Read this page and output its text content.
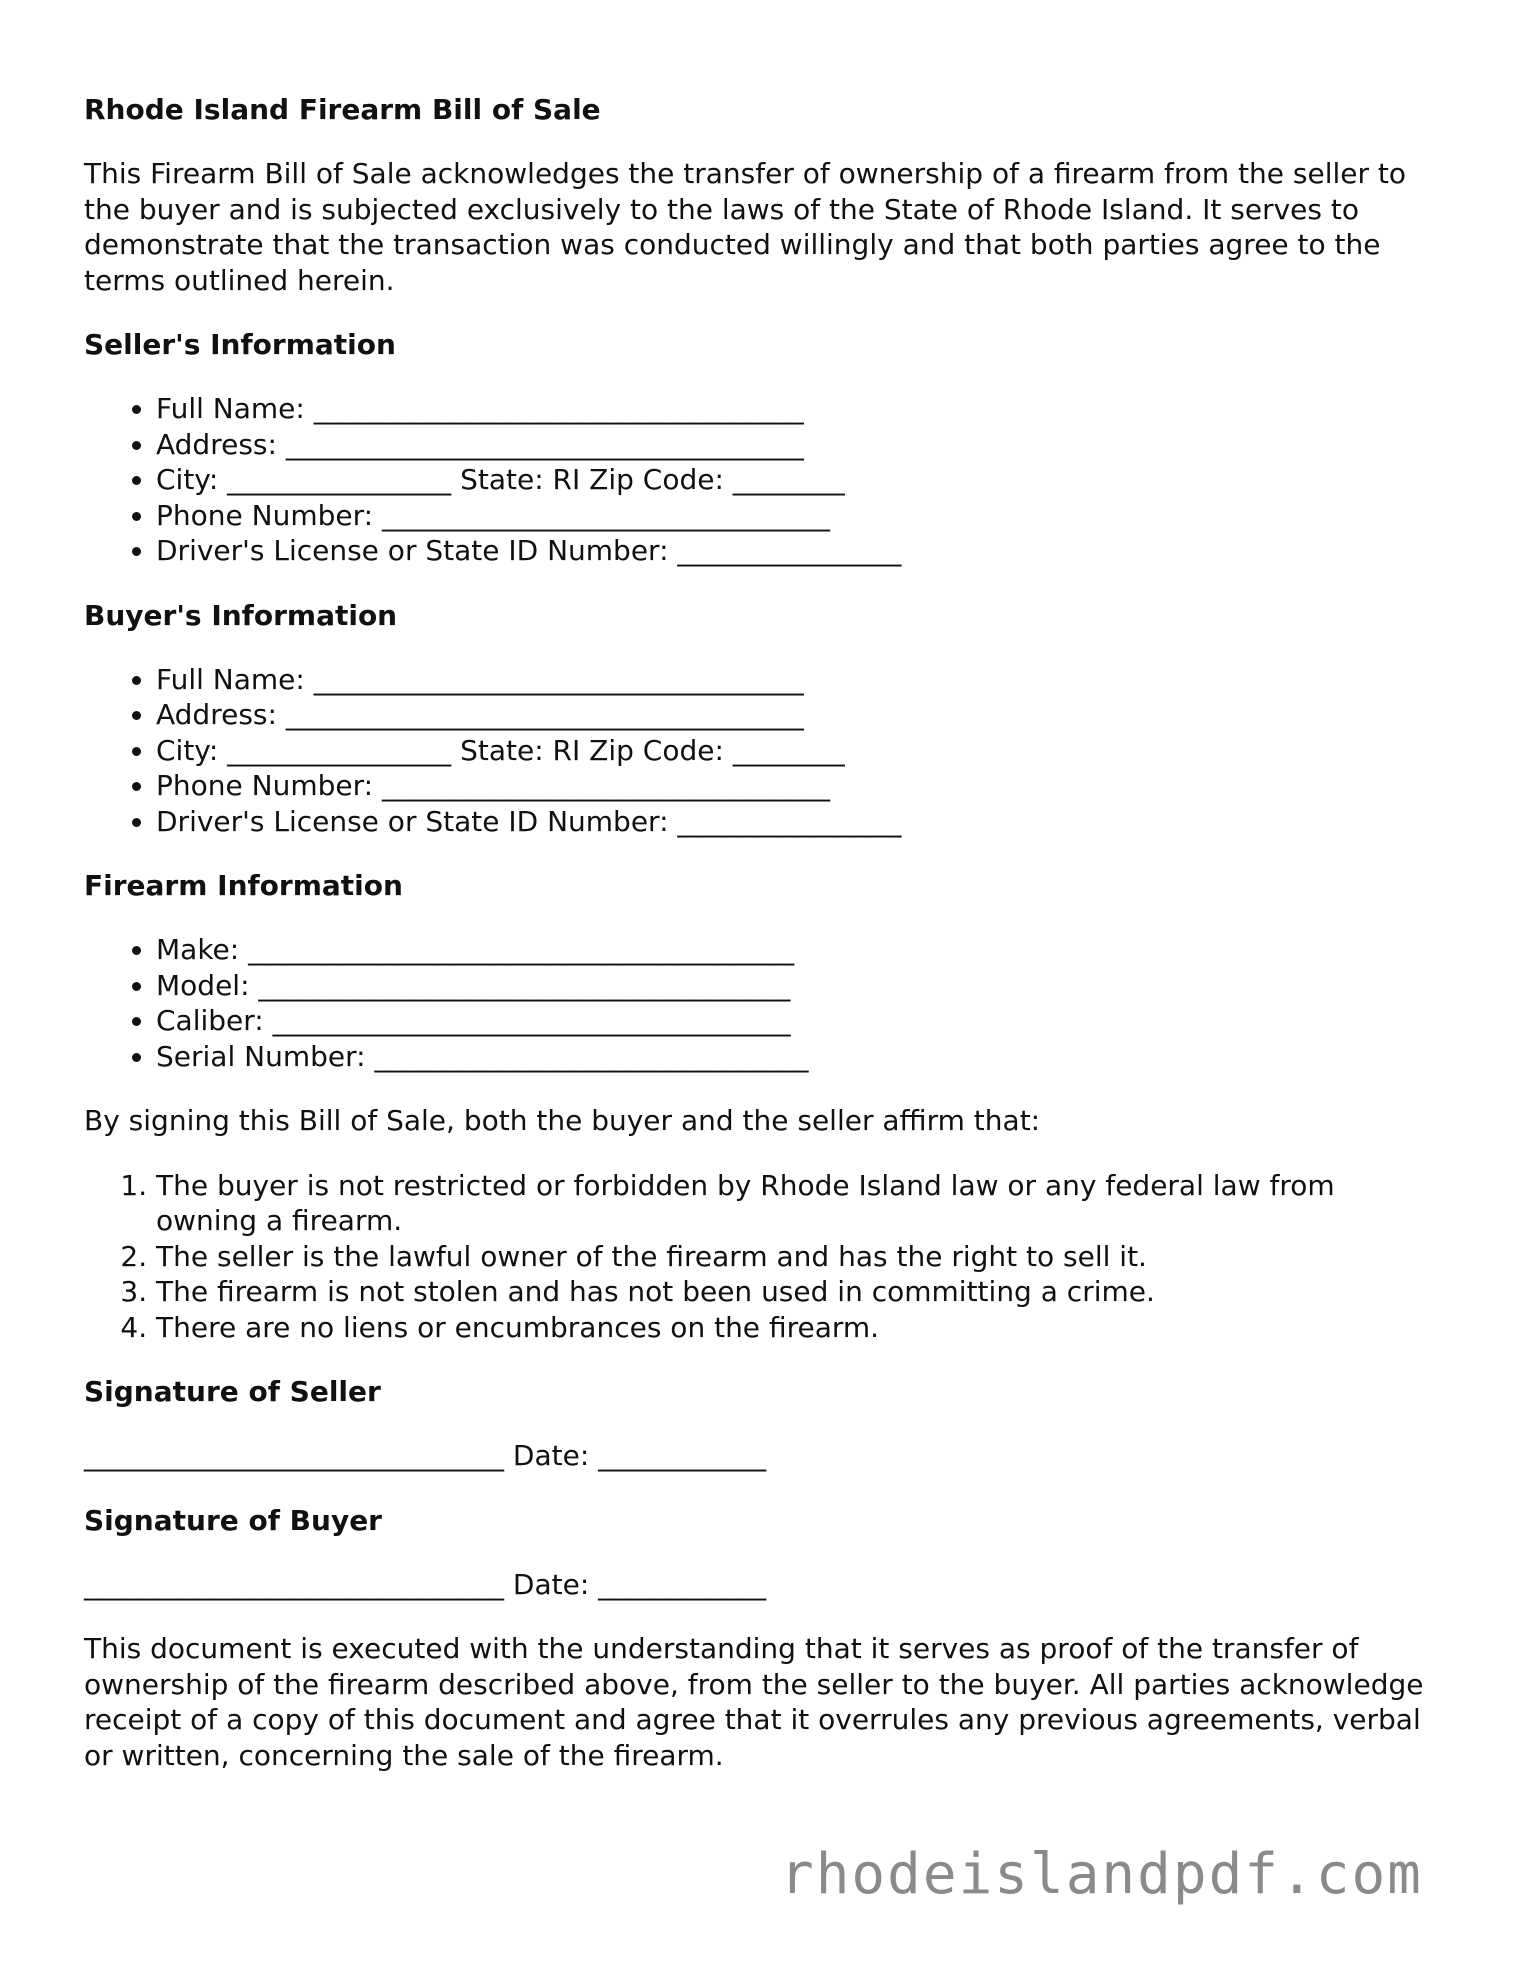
Rhode Island Firearm Bill of Sale

This Firearm Bill of Sale acknowledges the transfer of ownership of a firearm from the seller to the buyer and is subjected exclusively to the laws of the State of Rhode Island. It serves to demonstrate that the transaction was conducted willingly and that both parties agree to the terms outlined herein.

Seller's Information
• Full Name: ___________________________________
• Address: _____________________________________
• City: ________________ State: RI Zip Code: ________
• Phone Number: ________________________________
• Driver's License or State ID Number: ________________
Buyer's Information
• Full Name: ___________________________________
• Address: _____________________________________
• City: ________________ State: RI Zip Code: ________
• Phone Number: ________________________________
• Driver's License or State ID Number: ________________
Firearm Information
• Make: _______________________________________
• Model: ______________________________________
• Caliber: _____________________________________
• Serial Number: _______________________________

By signing this Bill of Sale, both the buyer and the seller affirm that:

1. The buyer is not restricted or forbidden by Rhode Island law or any federal law from owning a firearm.
2. The seller is the lawful owner of the firearm and has the right to sell it.
3. The firearm is not stolen and has not been used in committing a crime.
4. There are no liens or encumbrances on the firearm.
Signature of Seller

______________________________ Date: ____________

Signature of Buyer

______________________________ Date: ____________

This document is executed with the understanding that it serves as proof of the transfer of ownership of the firearm described above, from the seller to the buyer. All parties acknowledge receipt of a copy of this document and agree that it overrules any previous agreements, verbal or written, concerning the sale of the firearm.

rhodeislandpdf.com
